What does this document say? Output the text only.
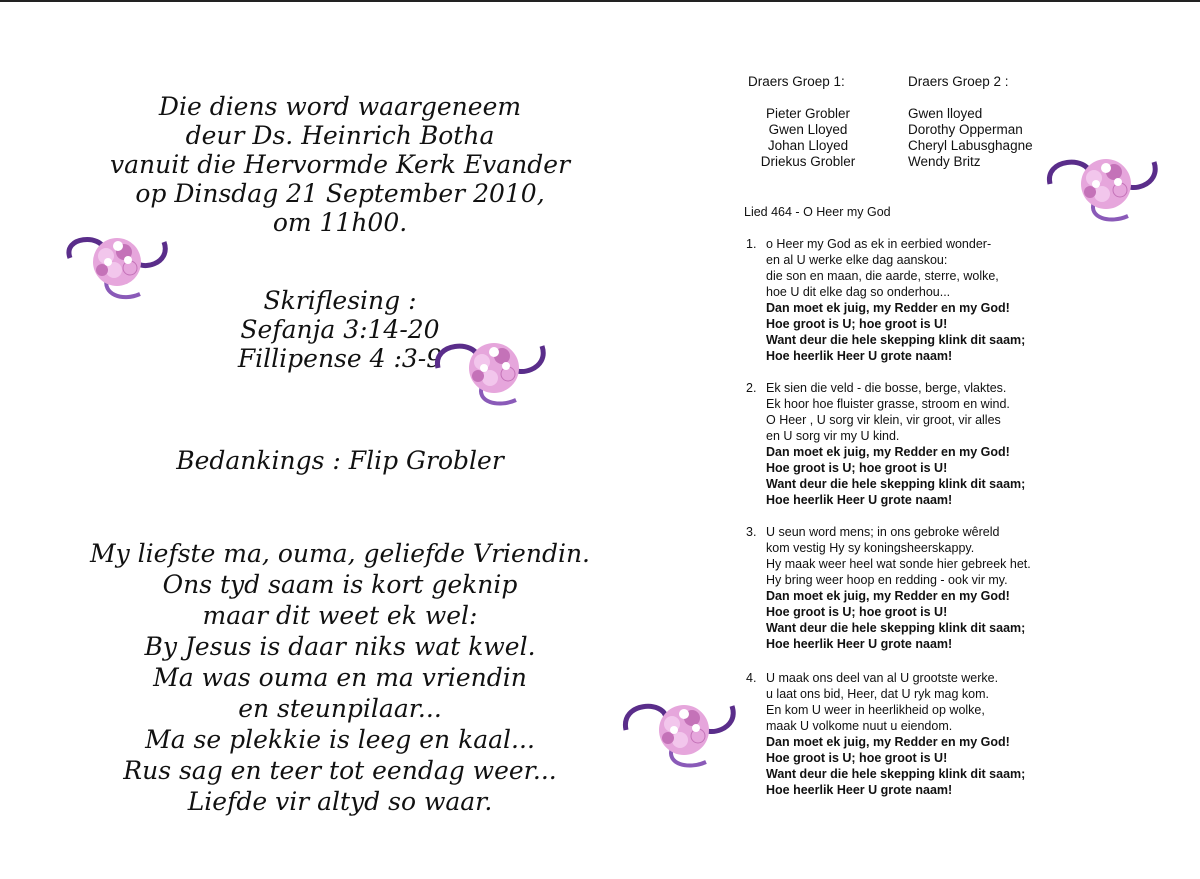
Die diens word waargeneem
deur Ds. Heinrich Botha
vanuit die Hervormde Kerk Evander
op Dinsdag 21 September 2010,
om 11h00.
Skriflesing :
Sefanja 3:14-20
Fillipense 4 :3-9
Bedankings : Flip Grobler
My liefste ma, ouma, geliefde Vriendin.
Ons tyd saam is kort geknip
maar dit weet ek wel:
By Jesus is daar niks wat kwel.
Ma was ouma en ma vriendin
en steunpilaar...
Ma se plekkie is leeg en kaal...
Rus sag en teer tot eendag weer...
Liefde vir altyd so waar.
Draers Groep 1:
Pieter Grobler
Gwen Lloyed
Johan Lloyed
Driekus Grobler
Draers Groep 2 :
Gwen lloyed
Dorothy Opperman
Cheryl Labusghagne
Wendy Britz
Lied 464 - O Heer my God
1. o Heer my God as ek in eerbied wonder-
en al U werke elke dag aanskou:
die son en maan, die aarde, sterre, wolke,
hoe U dit elke dag so onderhou...
Dan moet ek juig, my Redder en my God!
Hoe groot is U; hoe groot is U!
Want deur die hele skepping klink dit saam;
Hoe heerlik Heer U grote naam!
2. Ek sien die veld - die bosse, berge, vlaktes.
Ek hoor hoe fluister grasse, stroom en wind.
O Heer , U sorg vir klein, vir groot, vir alles
en U sorg vir my U kind.
Dan moet ek juig, my Redder en my God!
Hoe groot is U; hoe groot is U!
Want deur die hele skepping klink dit saam;
Hoe heerlik Heer U grote naam!
3. U seun word mens; in ons gebroke wêreld
kom vestig Hy sy koningsheerskappy.
Hy maak weer heel wat sonde hier gebreek het.
Hy bring weer hoop en redding - ook vir my.
Dan moet ek juig, my Redder en my God!
Hoe groot is U; hoe groot is U!
Want deur die hele skepping klink dit saam;
Hoe heerlik Heer U grote naam!
4. U maak ons deel van al U grootste werke.
u laat ons bid, Heer, dat U ryk mag kom.
En kom U weer in heerlikheid op wolke,
maak U volkome nuut u eiendom.
Dan moet ek juig, my Redder en my God!
Hoe groot is U; hoe groot is U!
Want deur die hele skepping klink dit saam;
Hoe heerlik Heer U grote naam!
